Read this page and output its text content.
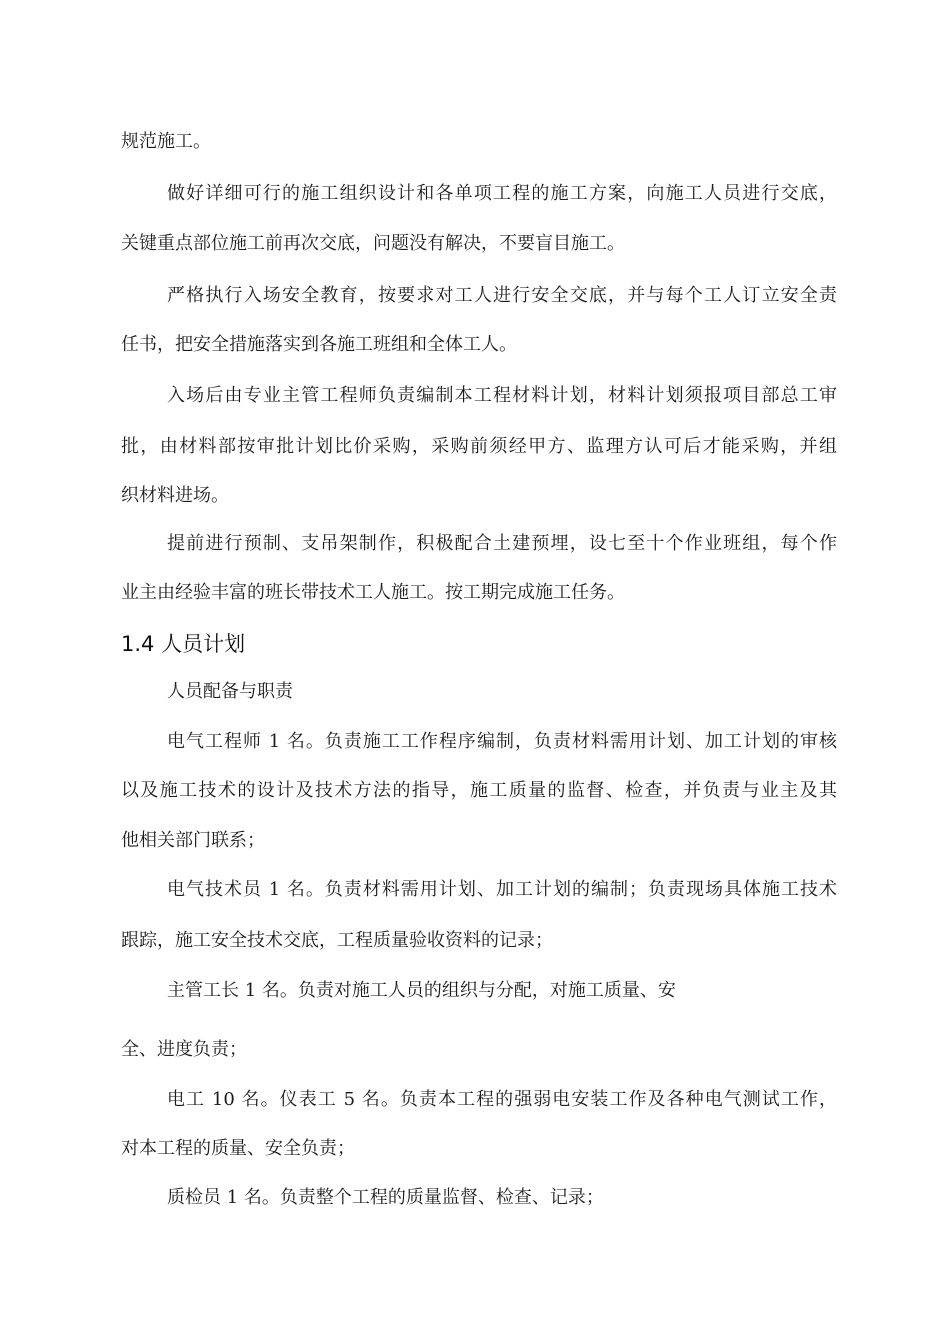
规范施工。
做好详细可行的施工组织设计和各单项工程的施工方案，向施工人员进行交底，
关键重点部位施工前再次交底，问题没有解决，不要盲目施工。
严格执行入场安全教育，按要求对工人进行安全交底，并与每个工人订立安全责
任书，把安全措施落实到各施工班组和全体工人。
入场后由专业主管工程师负责编制本工程材料计划，材料计划须报项目部总工审
批，由材料部按审批计划比价采购，采购前须经甲方、监理方认可后才能采购，并组
织材料进场。
提前进行预制、支吊架制作，积极配合土建预埋，设七至十个作业班组，每个作
业主由经验丰富的班长带技术工人施工。按工期完成施工任务。
1.4 人员计划
人员配备与职责
电气工程师 1 名。负责施工工作程序编制，负责材料需用计划、加工计划的审核
以及施工技术的设计及技术方法的指导，施工质量的监督、检查，并负责与业主及其
他相关部门联系；
电气技术员 1 名。负责材料需用计划、加工计划的编制；负责现场具体施工技术
跟踪，施工安全技术交底，工程质量验收资料的记录；
主管工长 1 名。负责对施工人员的组织与分配，对施工质量、安
全、进度负责；
电工 10 名。仪表工 5 名。负责本工程的强弱电安装工作及各种电气测试工作，
对本工程的质量、安全负责；
质检员 1 名。负责整个工程的质量监督、检查、记录；
